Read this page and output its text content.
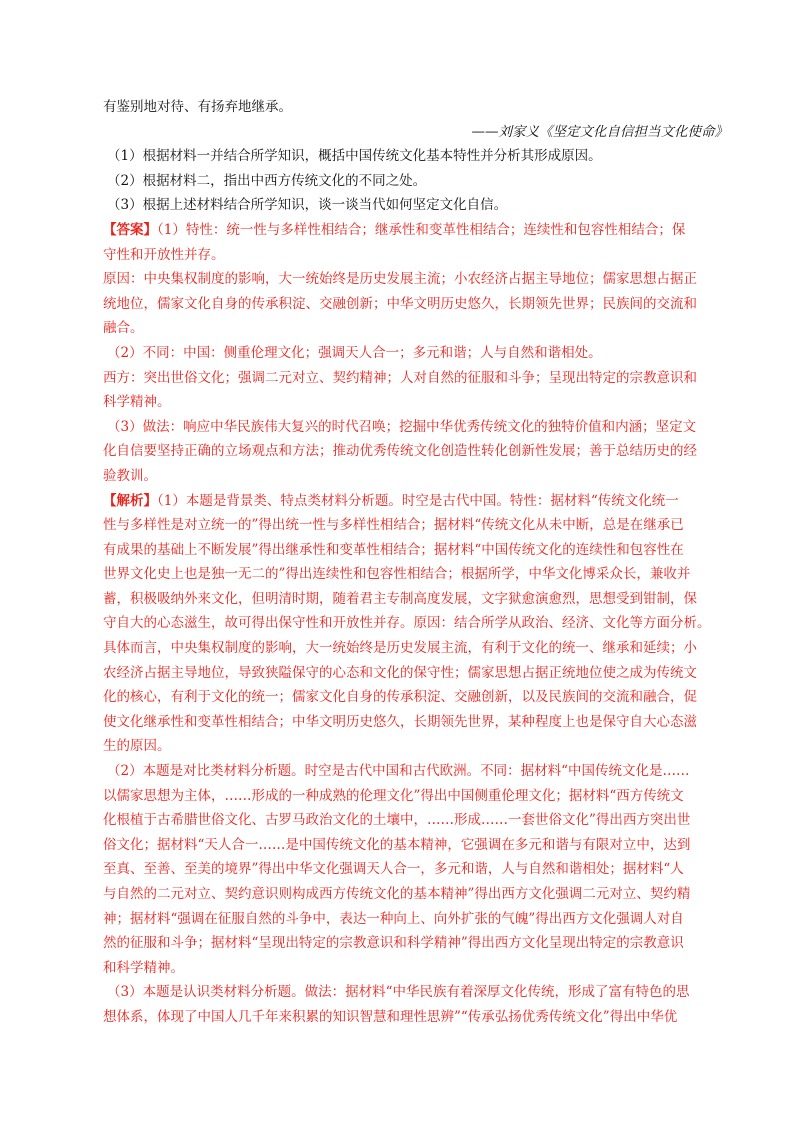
有鉴别地对待、有扬弃地继承。
——刘家义《坚定文化自信担当文化使命》
（1）根据材料一并结合所学知识，概括中国传统文化基本特性并分析其形成原因。
（2）根据材料二，指出中西方传统文化的不同之处。
（3）根据上述材料结合所学知识，谈一谈当代如何坚定文化自信。
【答案】（1）特性：统一性与多样性相结合；继承性和变革性相结合；连续性和包容性相结合；保
守性和开放性并存。
原因：中央集权制度的影响，大一统始终是历史发展主流；小农经济占据主导地位；儒家思想占据正
统地位，儒家文化自身的传承积淀、交融创新；中华文明历史悠久，长期领先世界；民族间的交流和
融合。
（2）不同：中国：侧重伦理文化；强调天人合一；多元和谐；人与自然和谐相处。
西方：突出世俗文化；强调二元对立、契约精神；人对自然的征服和斗争；呈现出特定的宗教意识和
科学精神。
（3）做法：响应中华民族伟大复兴的时代召唤；挖掘中华优秀传统文化的独特价值和内涵；坚定文
化自信要坚持正确的立场观点和方法；推动优秀传统文化创造性转化创新性发展；善于总结历史的经
验教训。
【解析】（1）本题是背景类、特点类材料分析题。时空是古代中国。特性：据材料“传统文化统一
性与多样性是对立统一的”得出统一性与多样性相结合；据材料“传统文化从未中断，总是在继承已
有成果的基础上不断发展”得出继承性和变革性相结合；据材料“中国传统文化的连续性和包容性在
世界文化史上也是独一无二的”得出连续性和包容性相结合；根据所学，中华文化博采众长，兼收并
蓄，积极吸纳外来文化，但明清时期，随着君主专制高度发展，文字狱愈演愈烈，思想受到钳制，保
守自大的心态滋生，故可得出保守性和开放性并存。原因：结合所学从政治、经济、文化等方面分析。
具体而言，中央集权制度的影响，大一统始终是历史发展主流，有利于文化的统一、继承和延续；小
农经济占据主导地位，导致狭隘保守的心态和文化的保守性；儒家思想占据正统地位使之成为传统文
化的核心，有利于文化的统一；儒家文化自身的传承积淀、交融创新，以及民族间的交流和融合，促
使文化继承性和变革性相结合；中华文明历史悠久，长期领先世界，某种程度上也是保守自大心态滋
生的原因。
（2）本题是对比类材料分析题。时空是古代中国和古代欧洲。不同：据材料“中国传统文化是……
以儒家思想为主体，……形成的一种成熟的伦理文化”得出中国侧重伦理文化；据材料“西方传统文
化根植于古希腊世俗文化、古罗马政治文化的土壤中，……形成……一套世俗文化”得出西方突出世
俗文化；据材料“天人合一……是中国传统文化的基本精神，它强调在多元和谐与有限对立中，达到
至真、至善、至美的境界”得出中华文化强调天人合一，多元和谐，人与自然和谐相处；据材料“人
与自然的二元对立、契约意识则构成西方传统文化的基本精神”得出西方文化强调二元对立、契约精
神；据材料“强调在征服自然的斗争中，表达一种向上、向外扩张的气魄”得出西方文化强调人对自
然的征服和斗争；据材料“呈现出特定的宗教意识和科学精神”得出西方文化呈现出特定的宗教意识
和科学精神。
（3）本题是认识类材料分析题。做法：据材料“中华民族有着深厚文化传统，形成了富有特色的思
想体系，体现了中国人几千年来积累的知识智慧和理性思辨”“传承弘扬优秀传统文化”得出中华优
